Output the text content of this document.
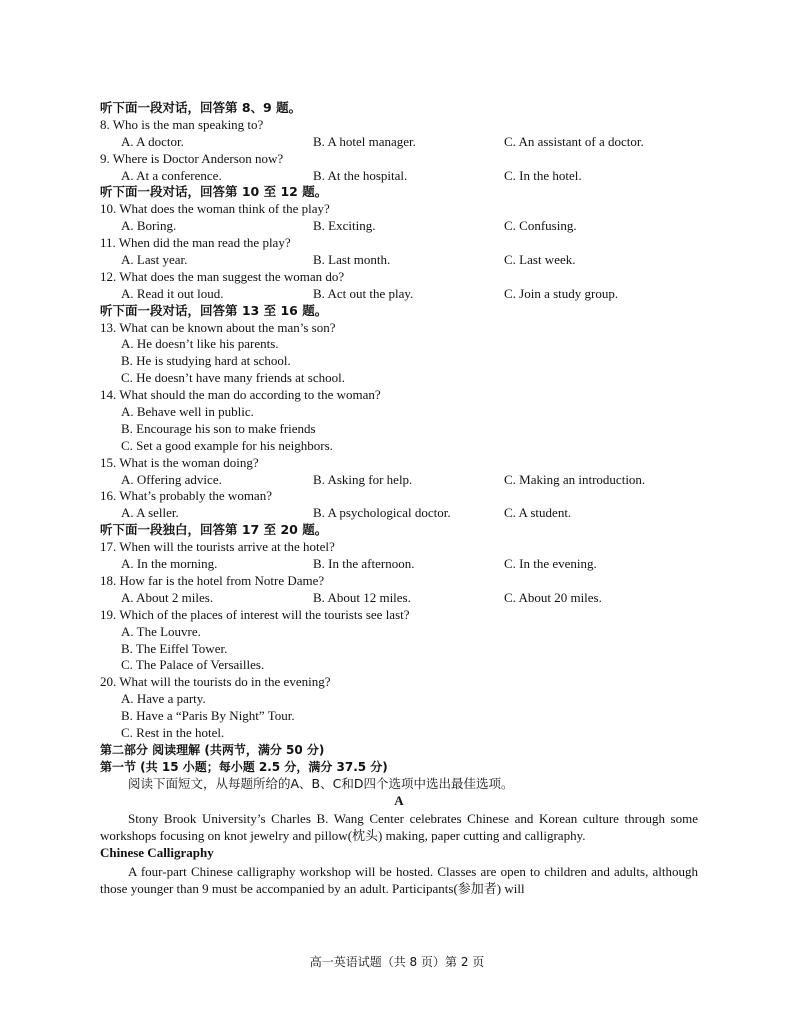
听下面一段对话，回答第 8、9 题。
8. Who is the man speaking to?
A. A doctor.	B. A hotel manager.	C. An assistant of a doctor.
9. Where is Doctor Anderson now?
A. At a conference.	B. At the hospital.	C. In the hotel.
听下面一段对话，回答第 10 至 12 题。
10. What does the woman think of the play?
A. Boring.	B. Exciting.	C. Confusing.
11. When did the man read the play?
A. Last year.	B. Last month.	C. Last week.
12. What does the man suggest the woman do?
A. Read it out loud.	B. Act out the play.	C. Join a study group.
听下面一段对话，回答第 13 至 16 题。
13. What can be known about the man’s son?
A. He doesn’t like his parents.
B. He is studying hard at school.
C. He doesn’t have many friends at school.
14. What should the man do according to the woman?
A. Behave well in public.
B. Encourage his son to make friends
C. Set a good example for his neighbors.
15. What is the woman doing?
A. Offering advice.	B. Asking for help.	C. Making an introduction.
16. What’s probably the woman?
A. A seller.	B. A psychological doctor.	C. A student.
听下面一段独白，回答第 17 至 20 题。
17. When will the tourists arrive at the hotel?
A. In the morning.	B. In the afternoon.	C. In the evening.
18. How far is the hotel from Notre Dame?
A. About 2 miles.	B. About 12 miles.	C. About 20 miles.
19. Which of the places of interest will the tourists see last?
A. The Louvre.
B. The Eiffel Tower.
C. The Palace of Versailles.
20. What will the tourists do in the evening?
A. Have a party.
B. Have a “Paris By Night” Tour.
C. Rest in the hotel.
第二部分 阅读理解 (共两节，满分 50 分)
第一节 (共 15 小题；每小题 2.5 分，满分 37.5 分)
阅读下面短文，从每题所给的A、B、C和D四个选项中选出最佳选项。
A

Stony Brook University’s Charles B. Wang Center celebrates Chinese and Korean culture through some workshops focusing on knot jewelry and pillow(枕头) making, paper cutting and calligraphy.

Chinese Calligraphy

A four-part Chinese calligraphy workshop will be hosted. Classes are open to children and adults, although those younger than 9 must be accompanied by an adult. Participants(参加者) will

高一英语试题（共 8 页）第 2 页
